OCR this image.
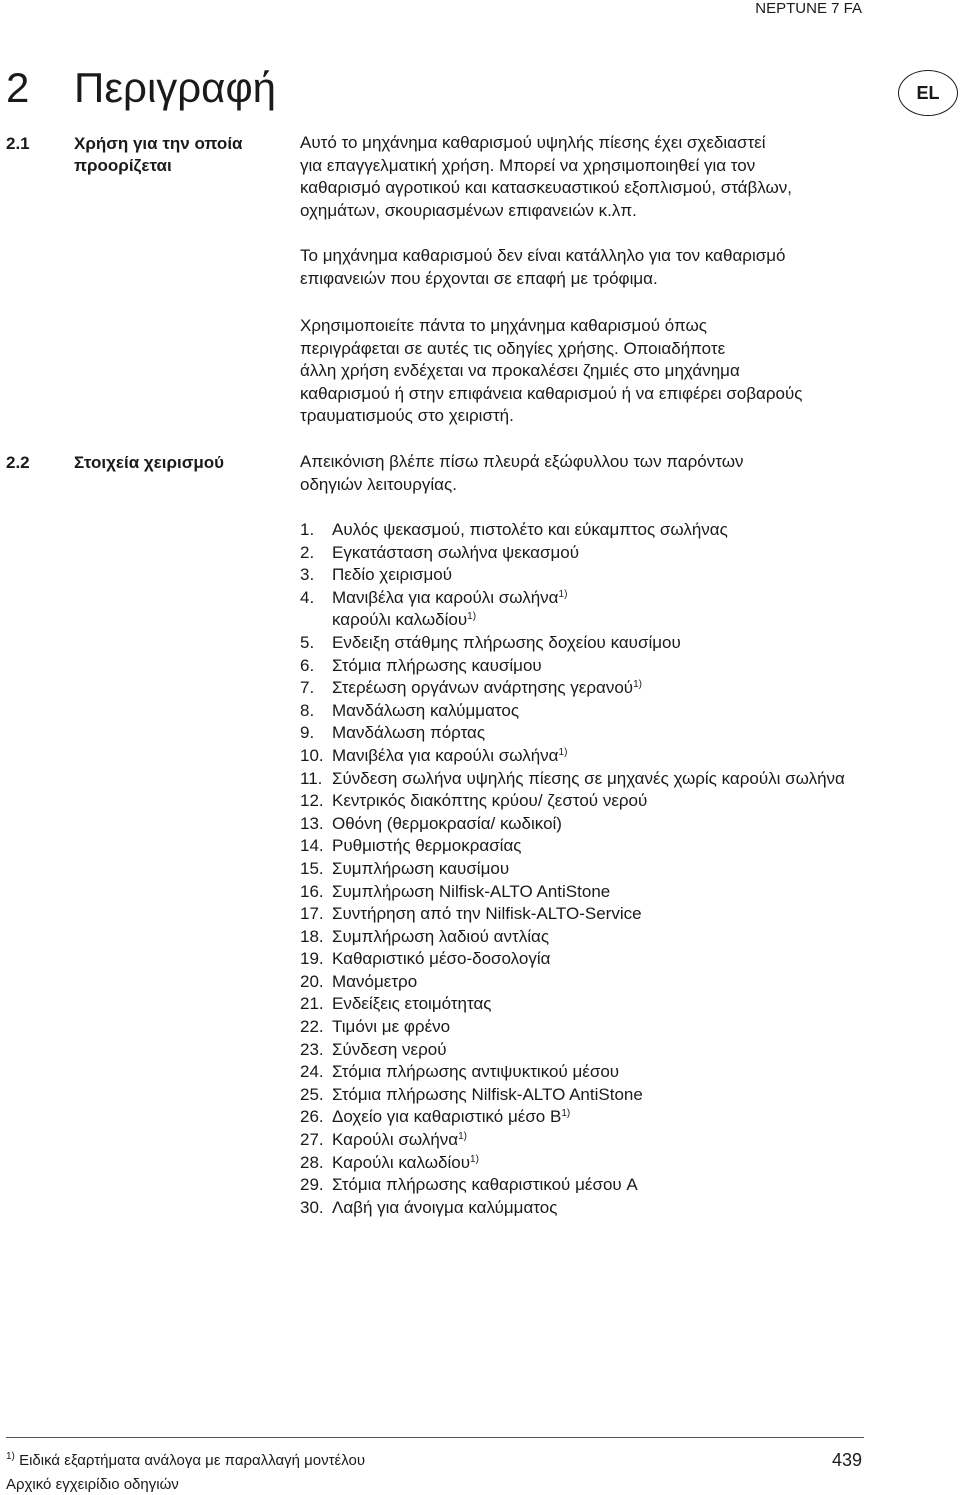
NEPTUNE 7 FA
2 Περιγραφή	EL
2.1	Χρήση για την οποία προορίζεται
Αυτό το μηχάνημα καθαρισμού υψηλής πίεσης έχει σχεδιαστεί
για επαγγελματική χρήση. Μπορεί να χρησιμοποιηθεί για τον
καθαρισμό αγροτικού και κατασκευαστικού εξοπλισμού, στάβλων,
οχημάτων, σκουριασμένων επιφανειών κ.λπ.
Το μηχάνημα καθαρισμού δεν είναι κατάλληλο για τον καθαρισμό
επιφανειών που έρχονται σε επαφή με τρόφιμα.
Χρησιμοποιείτε πάντα το μηχάνημα καθαρισμού όπως
περιγράφεται σε αυτές τις οδηγίες χρήσης. Οποιαδήποτε
άλλη χρήση ενδέχεται να προκαλέσει ζημιές στο μηχάνημα
καθαρισμού ή στην επιφάνεια καθαρισμού ή να επιφέρει σοβαρούς
τραυματισμούς στο χειριστή.
2.2	Στοιχεία χειρισμού	Απεικόνιση βλέπε πίσω πλευρά εξώφυλλου των παρόντων
οδηγιών λειτουργίας.
1.	Αυλός ψεκασμού, πιστολέτο και εύκαμπτος σωλήνας
2.	Εγκατάσταση σωλήνα ψεκασμού
3.	Πεδίο χειρισμού
4.	Μανιβέλα για καρούλι σωλήνα$^{1)}$
καρούλι καλωδίου$^{1)}$
5.	Ενδειξη στάθμης πλήρωσης δοχείου καυσίμου
6.	Στόμια πλήρωσης καυσίμου
7.	Στερέωση οργάνων ανάρτησης γερανού$^{1)}$
8.	Μανδάλωση καλύμματος
9.	Μανδάλωση πόρτας
10. Μανιβέλα για καρούλι σωλήνα$^{1)}$
11. Σύνδεση σωλήνα υψηλής πίεσης σε μηχανές χωρίς καρούλι σωλήνα
12. Κεντρικός διακόπτης κρύου/ ζεστού νερού
13. Οθόνη (θερμοκρασία/ κωδικοί)
14. Ρυθμιστής θερμοκρασίας
15. Συμπλήρωση καυσίμου
16. Συμπλήρωση Nilfisk-ALTO AntiStone
17. Συντήρηση από την Nilfisk-ALTO-Service
18. Συμπλήρωση λαδιού αντλίας
19. Καθαριστικό μέσο-δοσολογία
20. Μανόμετρο
21. Ενδείξεις ετοιμότητας
22. Τιμόνι με φρένο
23. Σύνδεση νερού
24. Στόμια πλήρωσης αντιψυκτικού μέσου
25. Στόμια πλήρωσης Nilfisk-ALTO AntiStone
26. Δοχείο για καθαριστικό μέσο $B^{1)}$
27. Καρούλι σωλήνα$^{1)}$
28. Καρούλι καλωδίου$^{1)}$
29. Στόμια πλήρωσης καθαριστικού μέσου A
30. Λαβή για άνοιγμα καλύμματος
$^{1)}$ Ειδικά εξαρτήματα ανάλογα με παραλλαγή μοντέλου
Αρχικό εγχειρίδιο οδηγιών
439
